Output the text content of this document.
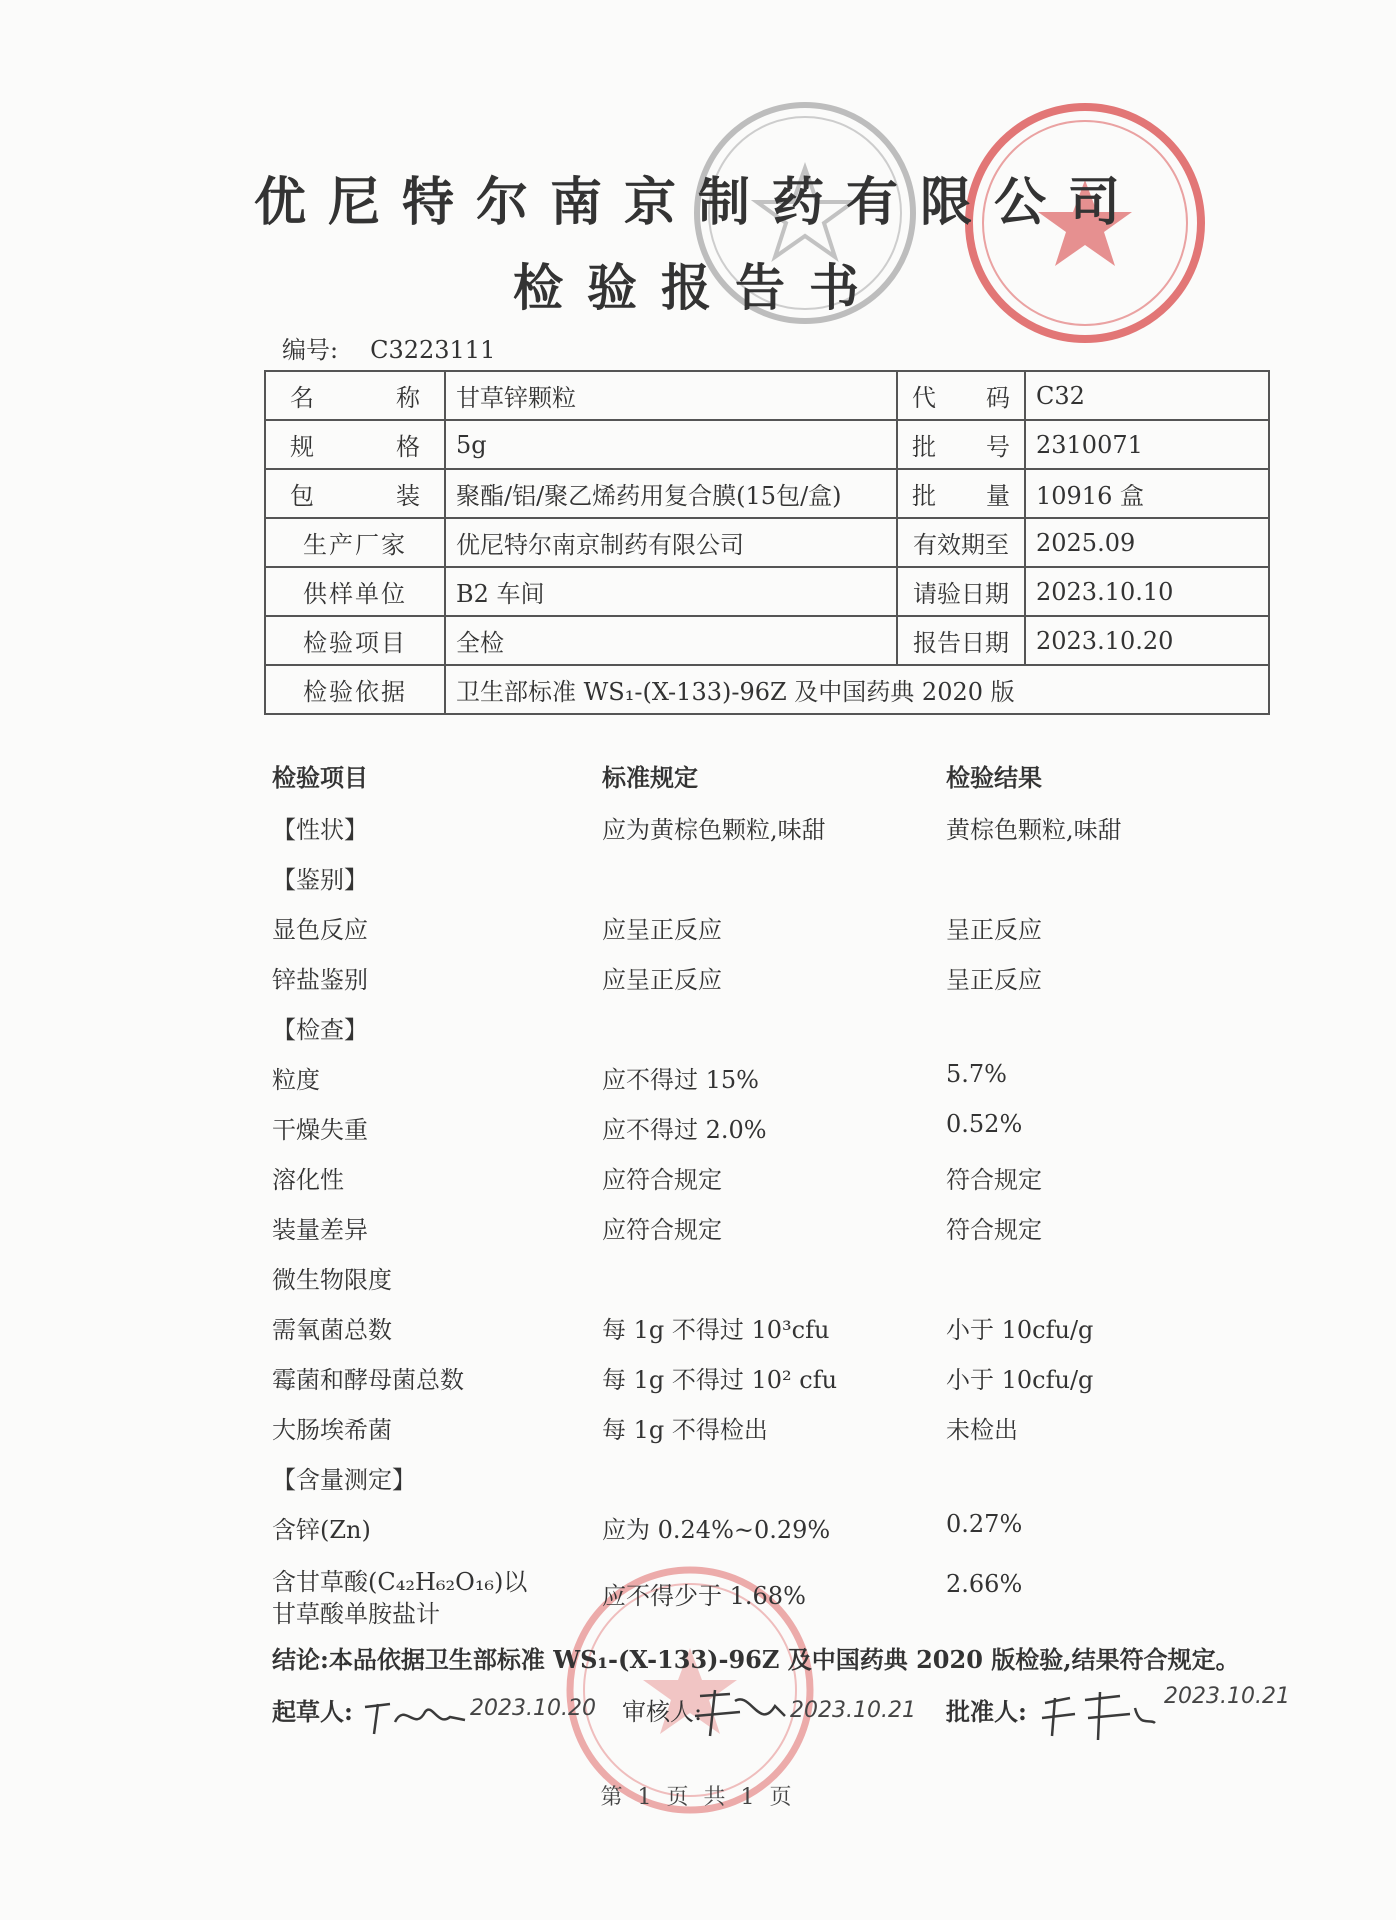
优尼特尔南京制药有限公司
检验报告书
编号: C3223111
名称	甘草锌颗粒	代码	C32
规格	5g	批号	2310071
包装	聚酯/铝/聚乙烯药用复合膜(15包/盒)	批量	10916 盒
生产厂家	优尼特尔南京制药有限公司	有效期至	2025.09
供样单位	B2 车间	请验日期	2023.10.10
检验项目	全检	报告日期	2023.10.20
检验依据	卫生部标准 WS₁-(X-133)-96Z 及中国药典 2020 版		
检验项目	标准规定	检验结果
【性状】	应为黄棕色颗粒,味甜	黄棕色颗粒,味甜
【鉴别】
显色反应	应呈正反应	呈正反应
锌盐鉴别	应呈正反应	呈正反应
【检查】
粒度	应不得过 15%	5.7%
干燥失重	应不得过 2.0%	0.52%
溶化性	应符合规定	符合规定
装量差异	应符合规定	符合规定
微生物限度
需氧菌总数	每 1g 不得过 10³cfu	小于 10cfu/g
霉菌和酵母菌总数	每 1g 不得过 10² cfu	小于 10cfu/g
大肠埃希菌	每 1g 不得检出	未检出
【含量测定】
含锌(Zn)	应为 0.24%~0.29%	0.27%
含甘草酸(C₄₂H₆₂O₁₆)以
甘草酸单胺盐计
应不得少于 1.68%	2.66%
结论:本品依据卫生部标准 WS₁-(X-133)-96Z 及中国药典 2020 版检验,结果符合规定。
起草人:	2023.10.20 审核人:	2023.10.21 批准人:
2023.10.21
第 1 页 共 1 页
